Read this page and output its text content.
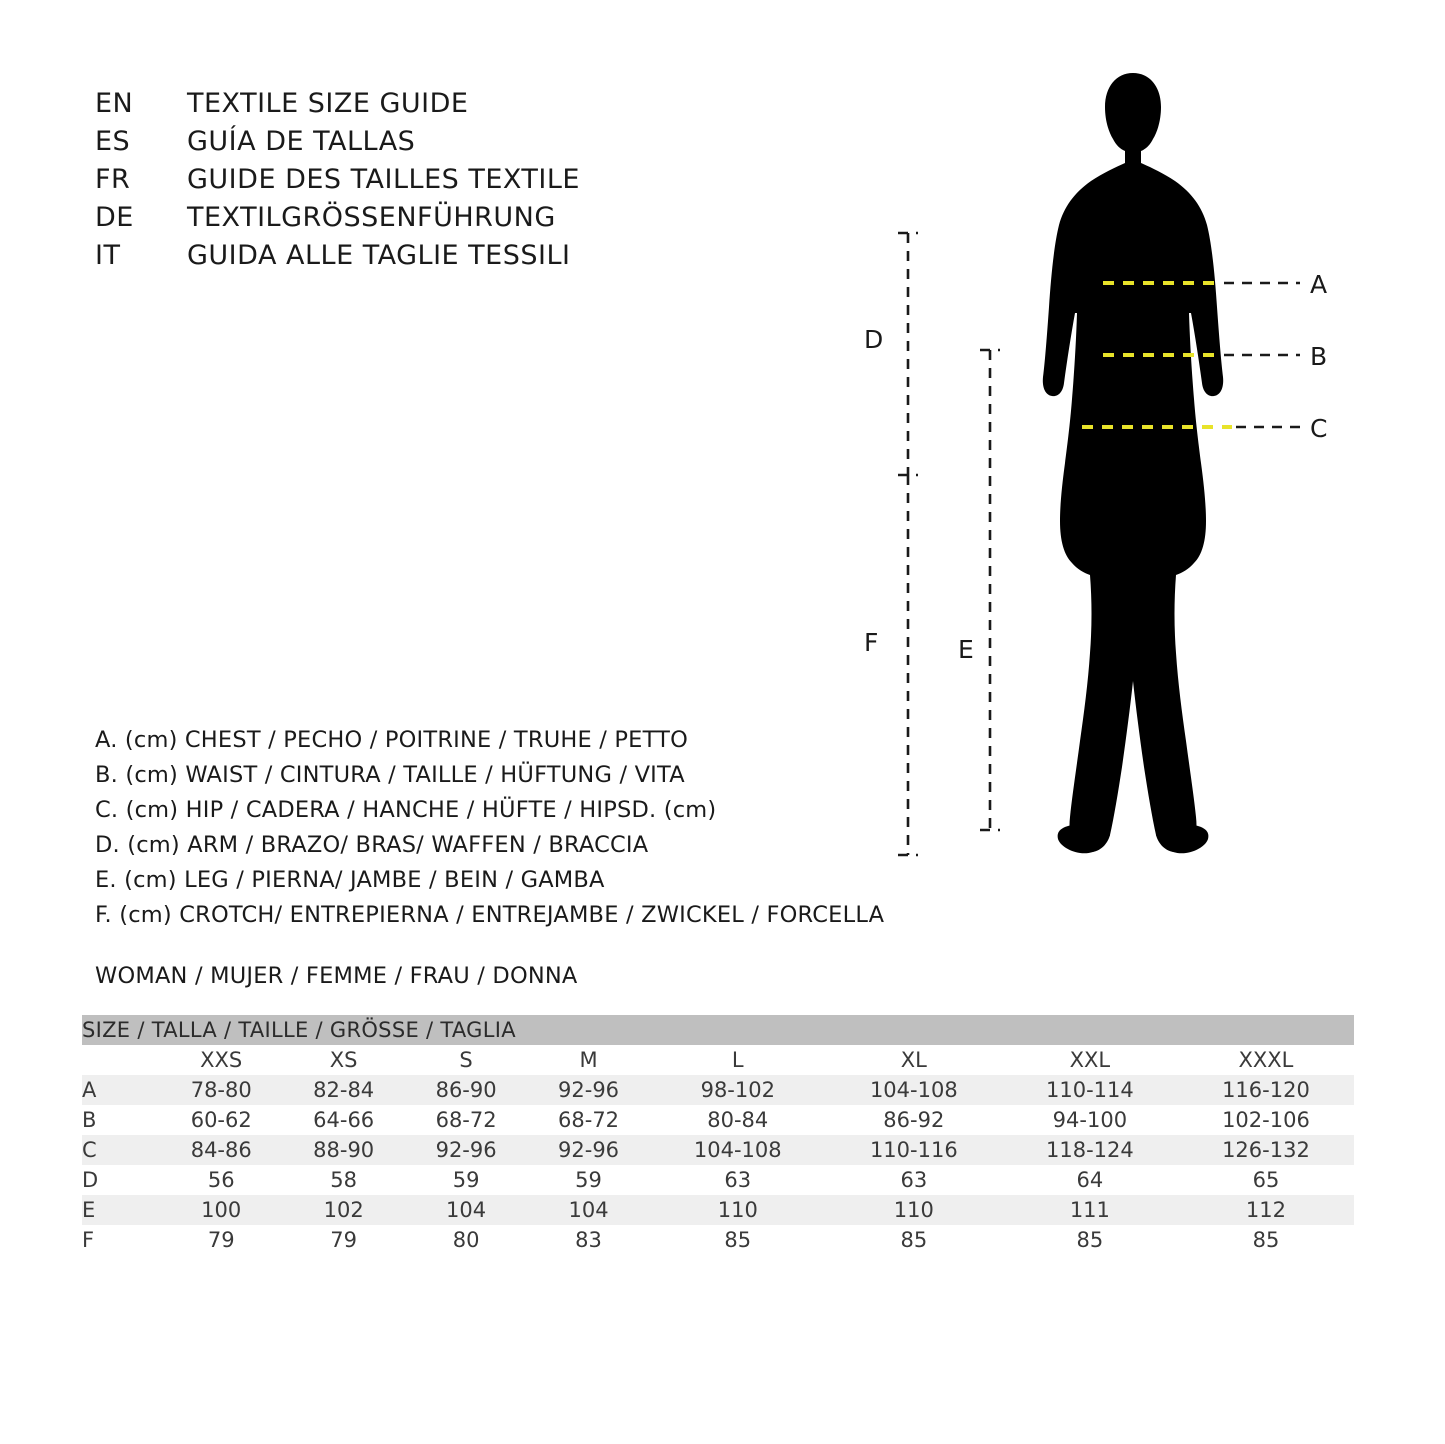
EN	TEXTILE SIZE GUIDE
ES	GUÍA DE TALLAS
FR	GUIDE DES TAILLES TEXTILE
DE	TEXTILGRÖSSENFÜHRUNG
IT	GUIDA ALLE TAGLIE TESSILI
D
E
F
A
B
C
A. (cm) CHEST / PECHO / POITRINE / TRUHE / PETTO
B. (cm) WAIST / CINTURA / TAILLE / HÜFTUNG / VITA
C. (cm) HIP / CADERA / HANCHE / HÜFTE / HIPSD. (cm)
D. (cm) ARM / BRAZO/ BRAS/ WAFFEN / BRACCIA
E. (cm) LEG / PIERNA/ JAMBE / BEIN / GAMBA
F. (cm) CROTCH/ ENTREPIERNA / ENTREJAMBE / ZWICKEL / FORCELLA
WOMAN / MUJER / FEMME / FRAU / DONNA
SIZE / TALLA / TAILLE / GRÖSSE / TAGLIA								
	XXS	XS	S	M	L	XL	XXL	XXXL
A	78-80	82-84	86-90	92-96	98-102	104-108	110-114	116-120
B	60-62	64-66	68-72	68-72	80-84	86-92	94-100	102-106
C	84-86	88-90	92-96	92-96	104-108	110-116	118-124	126-132
D	56	58	59	59	63	63	64	65
E	100	102	104	104	110	110	111	112
F	79	79	80	83	85	85	85	85
